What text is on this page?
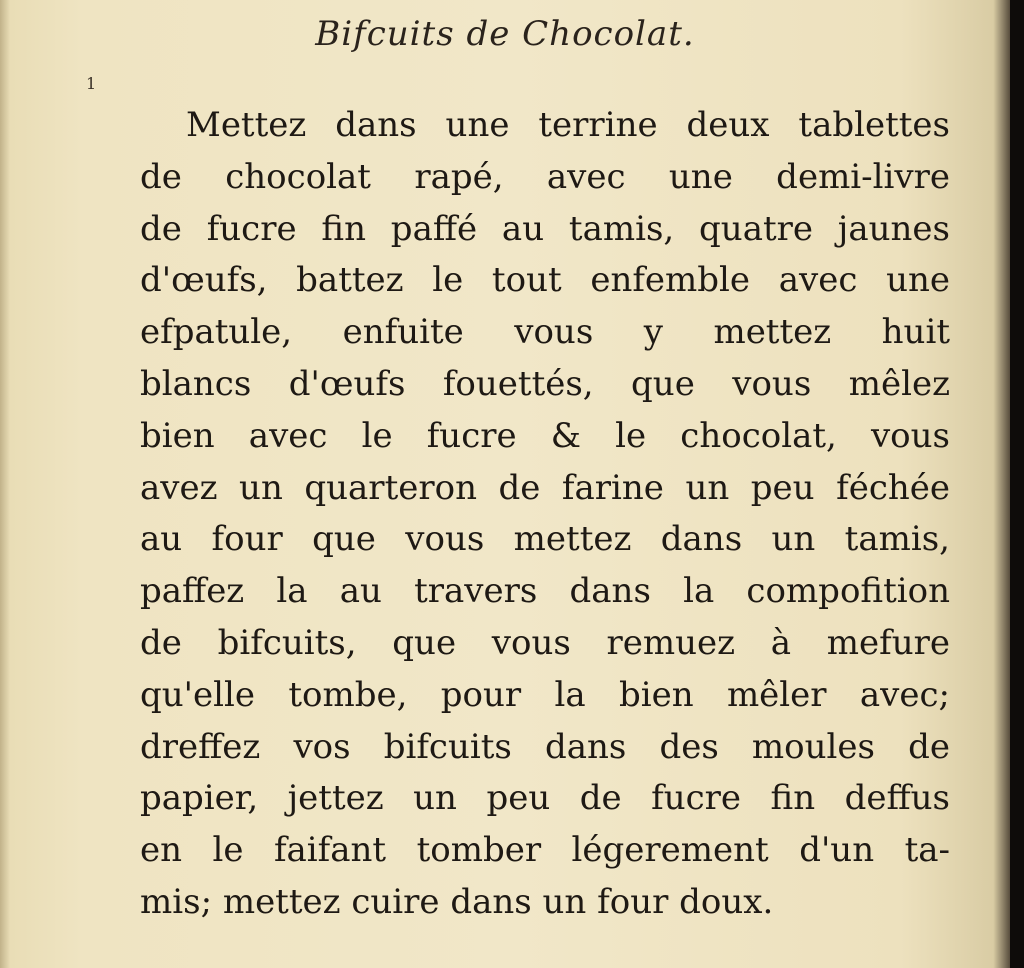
Bifcuits de Chocolat.
1
Mettez dans une terrine deux tablettes
de chocolat rapé, avec une demi-livre
de fucre fin paffé au tamis, quatre jaunes
d'œufs, battez le tout enfemble avec une
efpatule, enfuite vous y mettez huit
blancs d'œufs fouettés, que vous mêlez
bien avec le fucre & le chocolat, vous
avez un quarteron de farine un peu féchée
au four que vous mettez dans un tamis,
paffez la au travers dans la compofition
de bifcuits, que vous remuez à mefure
qu'elle tombe, pour la bien mêler avec;
dreffez vos bifcuits dans des moules de
papier, jettez un peu de fucre fin deffus
en le faifant tomber légerement d'un ta-
mis; mettez cuire dans un four doux.
